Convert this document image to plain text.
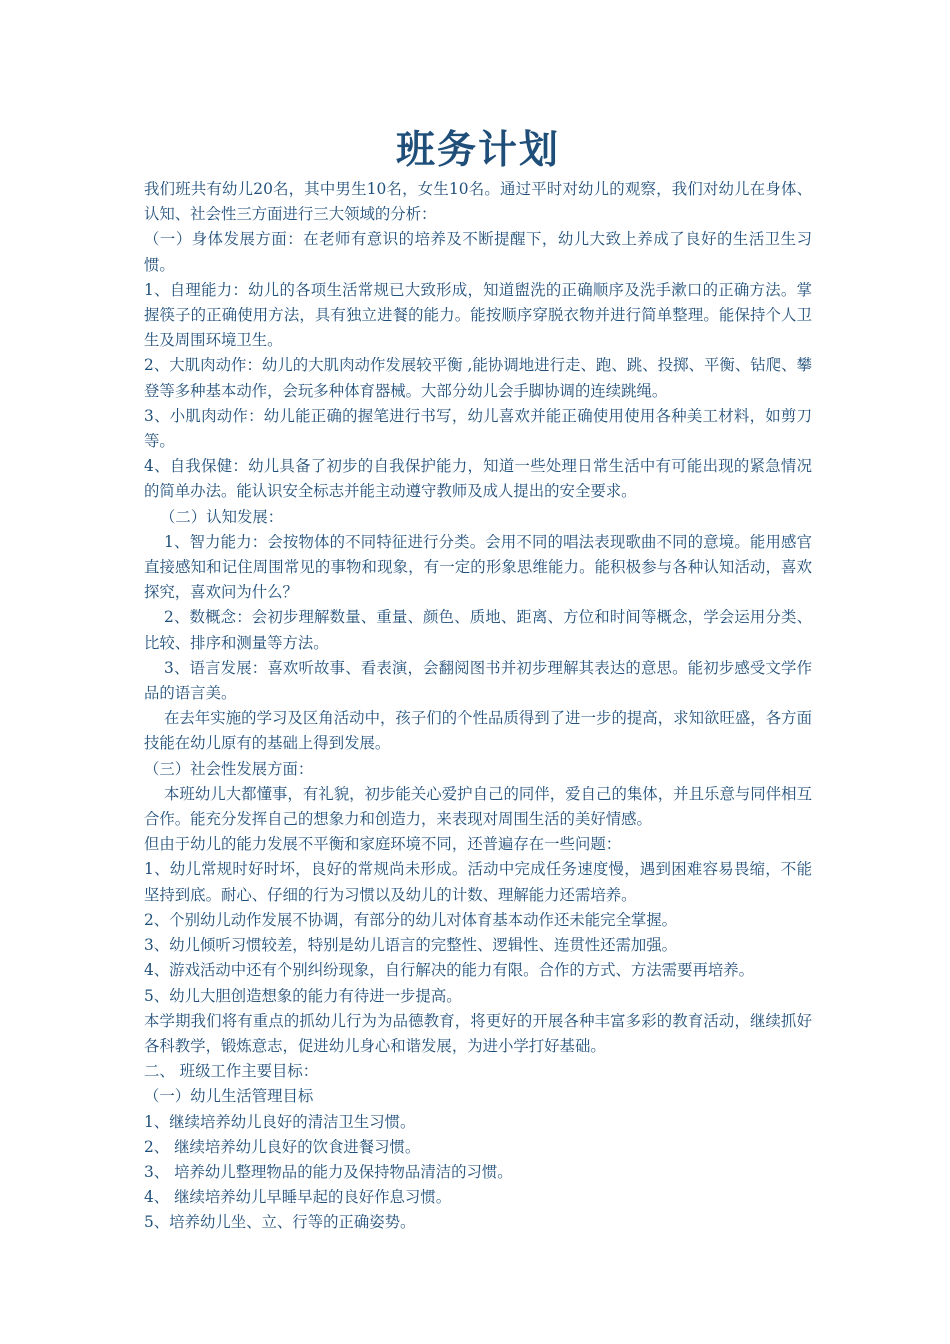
班务计划

我们班共有幼儿20名，其中男生10名，女生10名。通过平时对幼儿的观察，我们对幼儿在身体、认知、社会性三方面进行三大领域的分析：

（一）身体发展方面：在老师有意识的培养及不断提醒下，幼儿大致上养成了良好的生活卫生习惯。

1、自理能力：幼儿的各项生活常规已大致形成，知道盥洗的正确顺序及洗手漱口的正确方法。掌握筷子的正确使用方法，具有独立进餐的能力。能按顺序穿脱衣物并进行简单整理。能保持个人卫生及周围环境卫生。

2、大肌肉动作：幼儿的大肌肉动作发展较平衡 ,能协调地进行走、跑、跳、投掷、平衡、钻爬、攀登等多种基本动作，会玩多种体育器械。大部分幼儿会手脚协调的连续跳绳。

3、小肌肉动作：幼儿能正确的握笔进行书写，幼儿喜欢并能正确使用使用各种美工材料，如剪刀等。

4、自我保健：幼儿具备了初步的自我保护能力，知道一些处理日常生活中有可能出现的紧急情况的简单办法。能认识安全标志并能主动遵守教师及成人提出的安全要求。

（二）认知发展：

1、智力能力：会按物体的不同特征进行分类。会用不同的唱法表现歌曲不同的意境。能用感官直接感知和记住周围常见的事物和现象，有一定的形象思维能力。能积极参与各种认知活动，喜欢探究，喜欢问为什么？

2、数概念：会初步理解数量、重量、颜色、质地、距离、方位和时间等概念，学会运用分类、比较、排序和测量等方法。

3、语言发展：喜欢听故事、看表演，会翻阅图书并初步理解其表达的意思。能初步感受文学作品的语言美。

在去年实施的学习及区角活动中，孩子们的个性品质得到了进一步的提高，求知欲旺盛，各方面技能在幼儿原有的基础上得到发展。

（三）社会性发展方面：

本班幼儿大都懂事，有礼貌，初步能关心爱护自己的同伴，爱自己的集体，并且乐意与同伴相互合作。能充分发挥自己的想象力和创造力，来表现对周围生活的美好情感。

但由于幼儿的能力发展不平衡和家庭环境不同，还普遍存在一些问题：

1、幼儿常规时好时坏，良好的常规尚未形成。活动中完成任务速度慢，遇到困难容易畏缩，不能坚持到底。耐心、仔细的行为习惯以及幼儿的计数、理解能力还需培养。

2、个别幼儿动作发展不协调，有部分的幼儿对体育基本动作还未能完全掌握。

3、幼儿倾听习惯较差，特别是幼儿语言的完整性、逻辑性、连贯性还需加强。

4、游戏活动中还有个别纠纷现象，自行解决的能力有限。合作的方式、方法需要再培养。

5、幼儿大胆创造想象的能力有待进一步提高。

本学期我们将有重点的抓幼儿行为为品德教育，将更好的开展各种丰富多彩的教育活动，继续抓好各科教学，锻炼意志，促进幼儿身心和谐发展，为进小学打好基础。

二、 班级工作主要目标：

（一）幼儿生活管理目标

1、继续培养幼儿良好的清洁卫生习惯。

2、 继续培养幼儿良好的饮食进餐习惯。

3、 培养幼儿整理物品的能力及保持物品清洁的习惯。

4、 继续培养幼儿早睡早起的良好作息习惯。

5、培养幼儿坐、立、行等的正确姿势。
